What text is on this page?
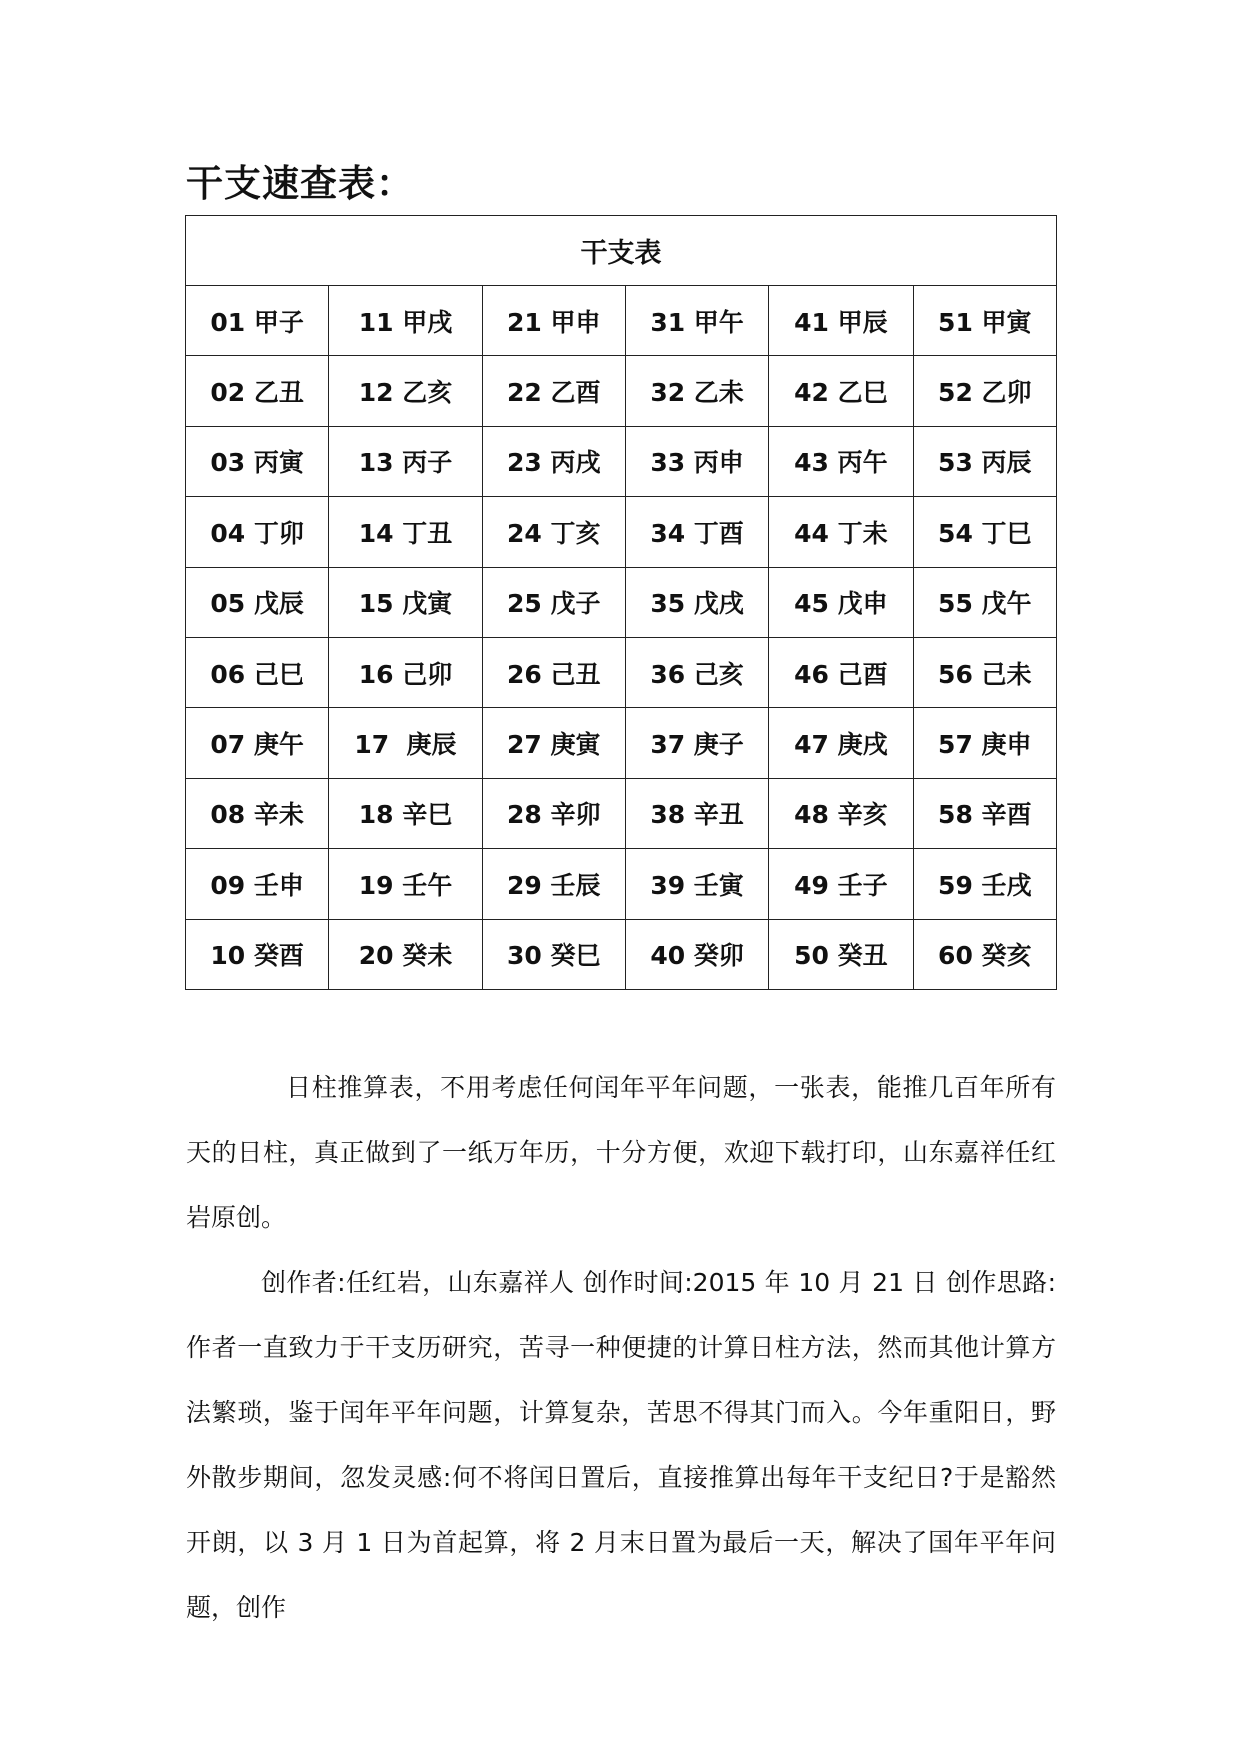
干支速查表：
干支表					
01 甲子	11 甲戌	21 甲申	31 甲午	41 甲辰	51 甲寅
02 乙丑	12 乙亥	22 乙酉	32 乙未	42 乙巳	52 乙卯
03 丙寅	13 丙子	23 丙戌	33 丙申	43 丙午	53 丙辰
04 丁卯	14 丁丑	24 丁亥	34 丁酉	44 丁未	54 丁巳
05 戊辰	15 戊寅	25 戊子	35 戊戌	45 戊申	55 戊午
06 己巳	16 己卯	26 己丑	36 己亥	46 己酉	56 己未
07 庚午	17  庚辰	27 庚寅	37 庚子	47 庚戌	57 庚申
08 辛未	18 辛巳	28 辛卯	38 辛丑	48 辛亥	58 辛酉
09 壬申	19 壬午	29 壬辰	39 壬寅	49 壬子	59 壬戌
10 癸酉	20 癸未	30 癸巳	40 癸卯	50 癸丑	60 癸亥

日柱推算表，不用考虑任何闰年平年问题，一张表，能推几百年所有天的日柱，真正做到了一纸万年历，十分方便，欢迎下载打印，山东嘉祥任红岩原创。

创作者:任红岩，山东嘉祥人 创作时间:2015 年 10 月 21 日 创作思路:作者一直致力于干支历研究，苦寻一种便捷的计算日柱方法，然而其他计算方法繁琐，鉴于闰年平年问题，计算复杂，苦思不得其门而入。今年重阳日，野外散步期间，忽发灵感:何不将闰日置后，直接推算出每年干支纪日?于是豁然开朗，以 3 月 1 日为首起算，将 2 月末日置为最后一天，解决了国年平年问题，创作
